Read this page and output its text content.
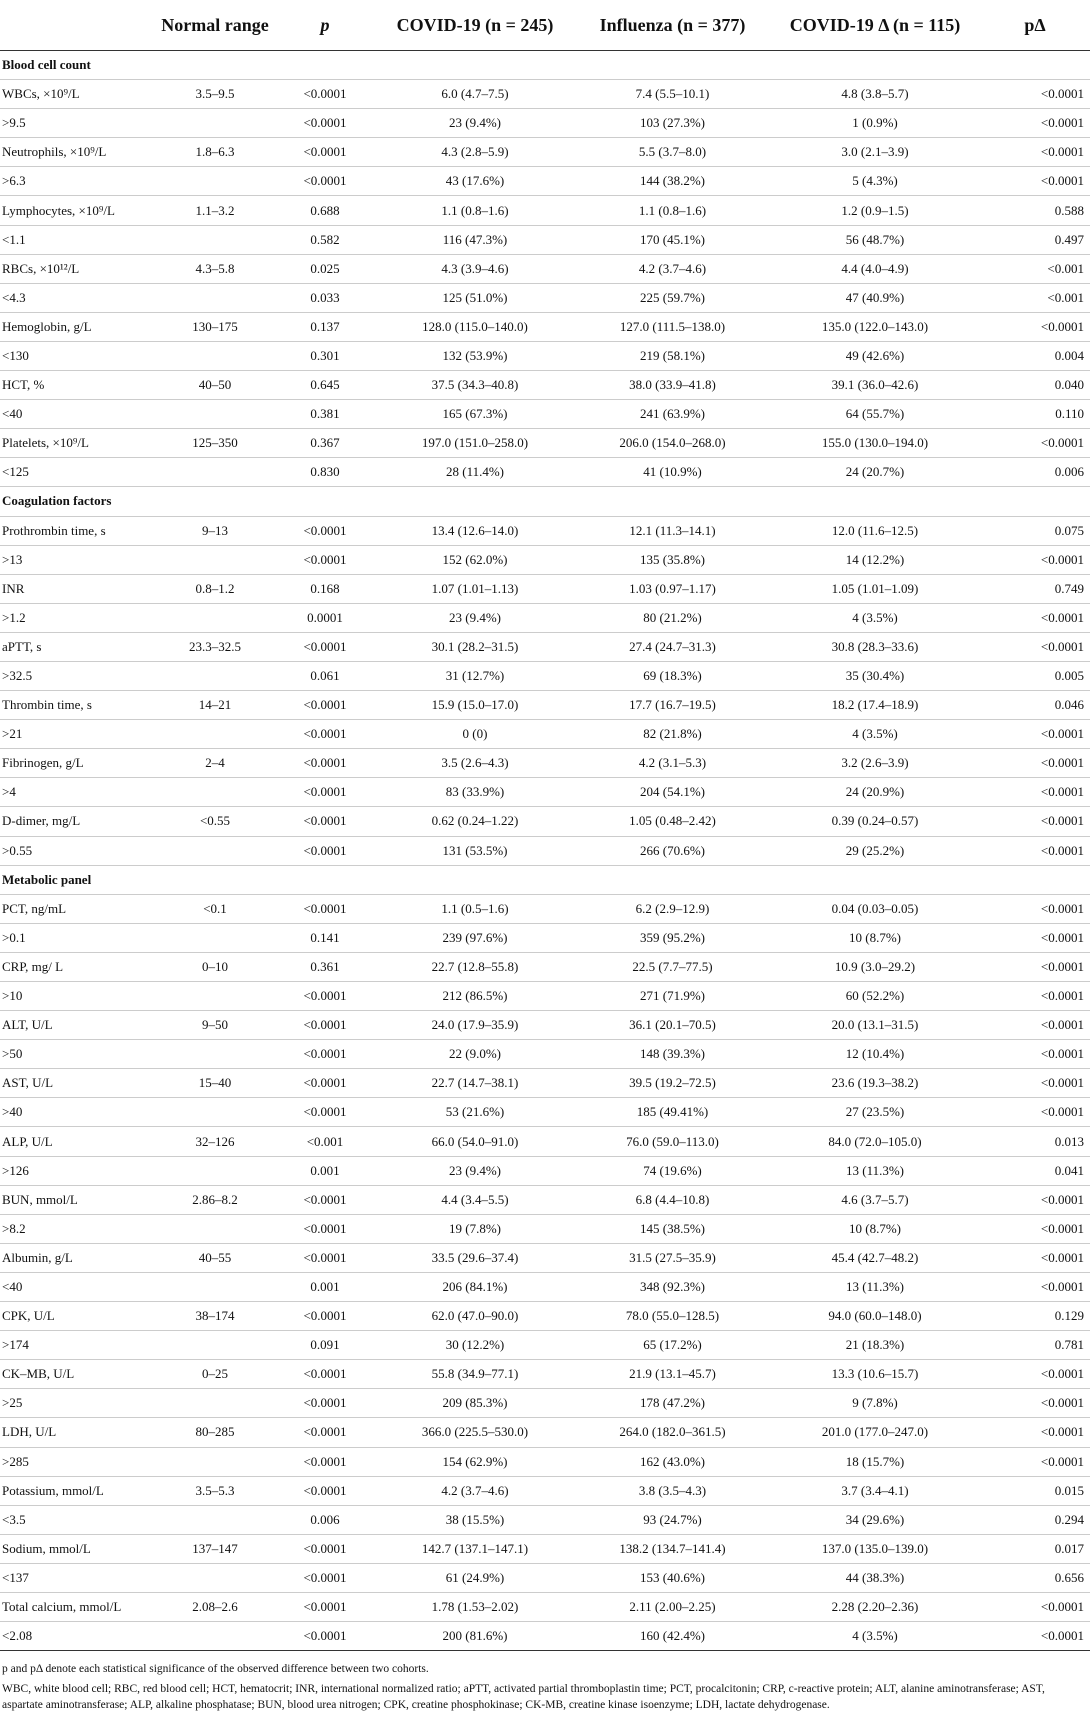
	Normal range	p	COVID-19 (n = 245)	Influenza (n = 377)	COVID-19 Δ (n = 115)	pΔ
Blood cell count						
WBCs, ×10⁹/L	3.5–9.5	<0.0001	6.0 (4.7–7.5)	7.4 (5.5–10.1)	4.8 (3.8–5.7)	<0.0001
>9.5		<0.0001	23 (9.4%)	103 (27.3%)	1 (0.9%)	<0.0001
Neutrophils, ×10⁹/L	1.8–6.3	<0.0001	4.3 (2.8–5.9)	5.5 (3.7–8.0)	3.0 (2.1–3.9)	<0.0001
>6.3		<0.0001	43 (17.6%)	144 (38.2%)	5 (4.3%)	<0.0001
Lymphocytes, ×10⁹/L	1.1–3.2	0.688	1.1 (0.8–1.6)	1.1 (0.8–1.6)	1.2 (0.9–1.5)	0.588
<1.1		0.582	116 (47.3%)	170 (45.1%)	56 (48.7%)	0.497
RBCs, ×10¹²/L	4.3–5.8	0.025	4.3 (3.9–4.6)	4.2 (3.7–4.6)	4.4 (4.0–4.9)	<0.001
<4.3		0.033	125 (51.0%)	225 (59.7%)	47 (40.9%)	<0.001
Hemoglobin, g/L	130–175	0.137	128.0 (115.0–140.0)	127.0 (111.5–138.0)	135.0 (122.0–143.0)	<0.0001
<130		0.301	132 (53.9%)	219 (58.1%)	49 (42.6%)	0.004
HCT, %	40–50	0.645	37.5 (34.3–40.8)	38.0 (33.9–41.8)	39.1 (36.0–42.6)	0.040
<40		0.381	165 (67.3%)	241 (63.9%)	64 (55.7%)	0.110
Platelets, ×10⁹/L	125–350	0.367	197.0 (151.0–258.0)	206.0 (154.0–268.0)	155.0 (130.0–194.0)	<0.0001
<125		0.830	28 (11.4%)	41 (10.9%)	24 (20.7%)	0.006
Coagulation factors						
Prothrombin time, s	9–13	<0.0001	13.4 (12.6–14.0)	12.1 (11.3–14.1)	12.0 (11.6–12.5)	0.075
>13		<0.0001	152 (62.0%)	135 (35.8%)	14 (12.2%)	<0.0001
INR	0.8–1.2	0.168	1.07 (1.01–1.13)	1.03 (0.97–1.17)	1.05 (1.01–1.09)	0.749
>1.2		0.0001	23 (9.4%)	80 (21.2%)	4 (3.5%)	<0.0001
aPTT, s	23.3–32.5	<0.0001	30.1 (28.2–31.5)	27.4 (24.7–31.3)	30.8 (28.3–33.6)	<0.0001
>32.5		0.061	31 (12.7%)	69 (18.3%)	35 (30.4%)	0.005
Thrombin time, s	14–21	<0.0001	15.9 (15.0–17.0)	17.7 (16.7–19.5)	18.2 (17.4–18.9)	0.046
>21		<0.0001	0 (0)	82 (21.8%)	4 (3.5%)	<0.0001
Fibrinogen, g/L	2–4	<0.0001	3.5 (2.6–4.3)	4.2 (3.1–5.3)	3.2 (2.6–3.9)	<0.0001
>4		<0.0001	83 (33.9%)	204 (54.1%)	24 (20.9%)	<0.0001
D-dimer, mg/L	<0.55	<0.0001	0.62 (0.24–1.22)	1.05 (0.48–2.42)	0.39 (0.24–0.57)	<0.0001
>0.55		<0.0001	131 (53.5%)	266 (70.6%)	29 (25.2%)	<0.0001
Metabolic panel						
PCT, ng/mL	<0.1	<0.0001	1.1 (0.5–1.6)	6.2 (2.9–12.9)	0.04 (0.03–0.05)	<0.0001
>0.1		0.141	239 (97.6%)	359 (95.2%)	10 (8.7%)	<0.0001
CRP, mg/ L	0–10	0.361	22.7 (12.8–55.8)	22.5 (7.7–77.5)	10.9 (3.0–29.2)	<0.0001
>10		<0.0001	212 (86.5%)	271 (71.9%)	60 (52.2%)	<0.0001
ALT, U/L	9–50	<0.0001	24.0 (17.9–35.9)	36.1 (20.1–70.5)	20.0 (13.1–31.5)	<0.0001
>50		<0.0001	22 (9.0%)	148 (39.3%)	12 (10.4%)	<0.0001
AST, U/L	15–40	<0.0001	22.7 (14.7–38.1)	39.5 (19.2–72.5)	23.6 (19.3–38.2)	<0.0001
>40		<0.0001	53 (21.6%)	185 (49.41%)	27 (23.5%)	<0.0001
ALP, U/L	32–126	<0.001	66.0 (54.0–91.0)	76.0 (59.0–113.0)	84.0 (72.0–105.0)	0.013
>126		0.001	23 (9.4%)	74 (19.6%)	13 (11.3%)	0.041
BUN, mmol/L	2.86–8.2	<0.0001	4.4 (3.4–5.5)	6.8 (4.4–10.8)	4.6 (3.7–5.7)	<0.0001
>8.2		<0.0001	19 (7.8%)	145 (38.5%)	10 (8.7%)	<0.0001
Albumin, g/L	40–55	<0.0001	33.5 (29.6–37.4)	31.5 (27.5–35.9)	45.4 (42.7–48.2)	<0.0001
<40		0.001	206 (84.1%)	348 (92.3%)	13 (11.3%)	<0.0001
CPK, U/L	38–174	<0.0001	62.0 (47.0–90.0)	78.0 (55.0–128.5)	94.0 (60.0–148.0)	0.129
>174		0.091	30 (12.2%)	65 (17.2%)	21 (18.3%)	0.781
CK–MB, U/L	0–25	<0.0001	55.8 (34.9–77.1)	21.9 (13.1–45.7)	13.3 (10.6–15.7)	<0.0001
>25		<0.0001	209 (85.3%)	178 (47.2%)	9 (7.8%)	<0.0001
LDH, U/L	80–285	<0.0001	366.0 (225.5–530.0)	264.0 (182.0–361.5)	201.0 (177.0–247.0)	<0.0001
>285		<0.0001	154 (62.9%)	162 (43.0%)	18 (15.7%)	<0.0001
Potassium, mmol/L	3.5–5.3	<0.0001	4.2 (3.7–4.6)	3.8 (3.5–4.3)	3.7 (3.4–4.1)	0.015
<3.5		0.006	38 (15.5%)	93 (24.7%)	34 (29.6%)	0.294
Sodium, mmol/L	137–147	<0.0001	142.7 (137.1–147.1)	138.2 (134.7–141.4)	137.0 (135.0–139.0)	0.017
<137		<0.0001	61 (24.9%)	153 (40.6%)	44 (38.3%)	0.656
Total calcium, mmol/L	2.08–2.6	<0.0001	1.78 (1.53–2.02)	2.11 (2.00–2.25)	2.28 (2.20–2.36)	<0.0001
<2.08		<0.0001	200 (81.6%)	160 (42.4%)	4 (3.5%)	<0.0001

p and pΔ denote each statistical significance of the observed difference between two cohorts.

WBC, white blood cell; RBC, red blood cell; HCT, hematocrit; INR, international normalized ratio; aPTT, activated partial thromboplastin time; PCT, procalcitonin; CRP, c-reactive protein; ALT, alanine aminotransferase; AST, aspartate aminotransferase; ALP, alkaline phosphatase; BUN, blood urea nitrogen; CPK, creatine phosphokinase; CK-MB, creatine kinase isoenzyme; LDH, lactate dehydrogenase.
